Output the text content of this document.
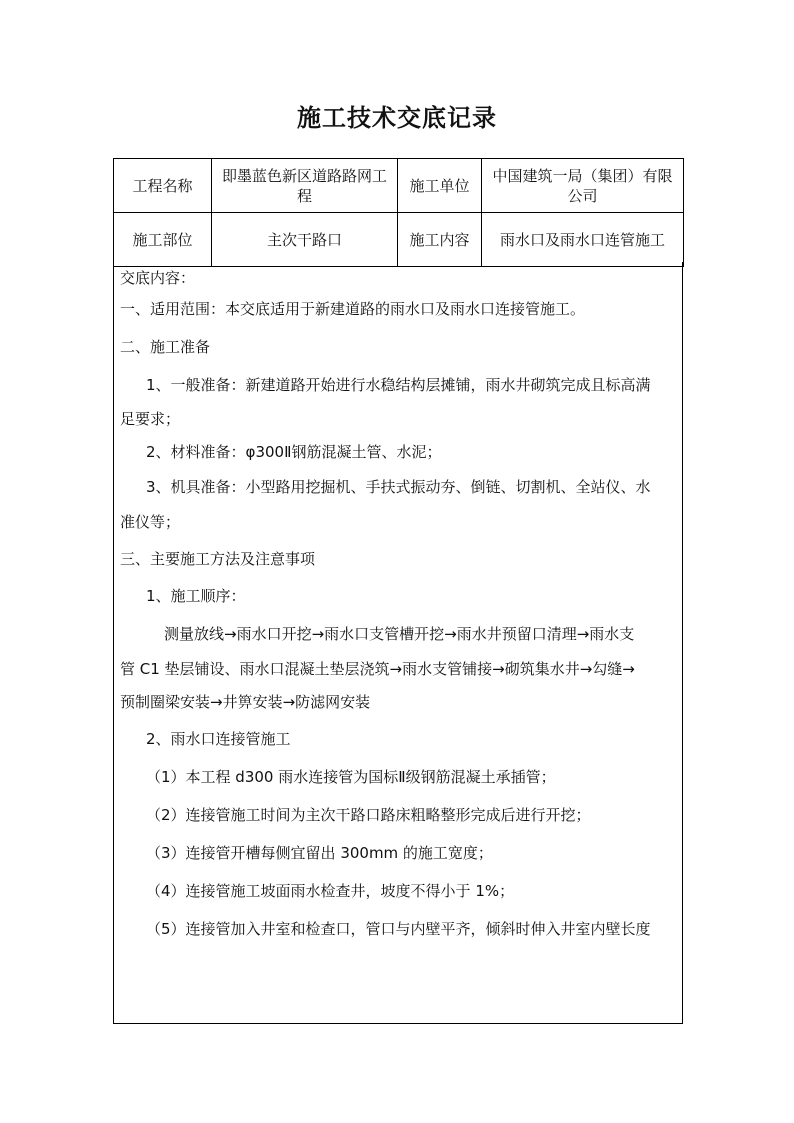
施工技术交底记录
工程名称	即墨蓝色新区道路路网工程	施工单位	中国建筑一局（集团）有限公司
施工部位	主次干路口	施工内容	雨水口及雨水口连管施工
交底内容：
一、适用范围：本交底适用于新建道路的雨水口及雨水口连接管施工。
二、施工准备
1、一般准备：新建道路开始进行水稳结构层摊铺，雨水井砌筑完成且标高满
足要求；
2、材料准备：φ300Ⅱ钢筋混凝土管、水泥；
3、机具准备：小型路用挖掘机、手扶式振动夯、倒链、切割机、全站仪、水
准仪等；
三、主要施工方法及注意事项
1、施工顺序：
测量放线→雨水口开挖→雨水口支管槽开挖→雨水井预留口清理→雨水支
管 C1 垫层铺设、雨水口混凝土垫层浇筑→雨水支管铺接→砌筑集水井→勾缝→
预制圈梁安装→井箅安装→防滤网安装
2、雨水口连接管施工
（1）本工程 d300 雨水连接管为国标Ⅱ级钢筋混凝土承插管；
（2）连接管施工时间为主次干路口路床粗略整形完成后进行开挖；
（3）连接管开槽每侧宜留出 300mm 的施工宽度；
（4）连接管施工坡面雨水检查井，坡度不得小于 1%；
（5）连接管加入井室和检查口，管口与内壁平齐，倾斜时伸入井室内壁长度
